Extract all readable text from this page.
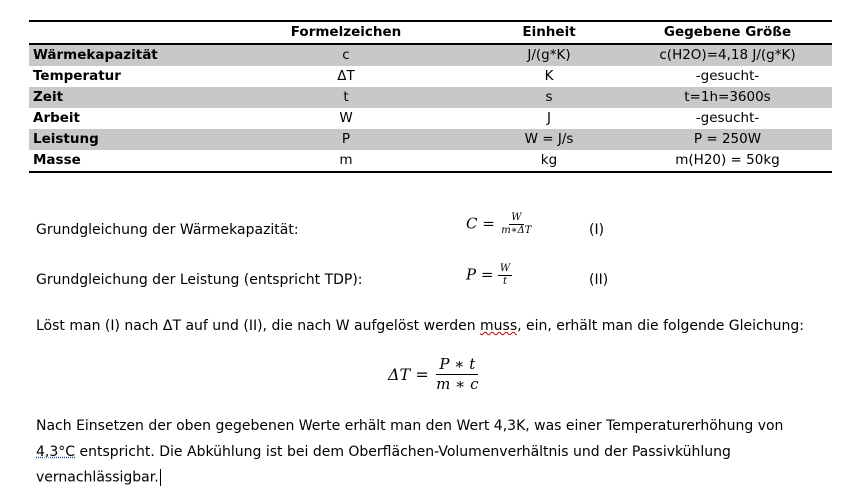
	Formelzeichen	Einheit	Gegebene Größe
Wärmekapazität	c	J/(g*K)	c(H2O)=4,18 J/(g*K)
Temperatur	ΔT	K	-gesucht-
Zeit	t	s	t=1h=3600s
Arbeit	W	J	-gesucht-
Leistung	P	W = J/s	P = 250W
Masse	m	kg	m(H20) = 50kg
Grundgleichung der Wärmekapazität:	$C = \frac{W}{m∗\Delta T}$	(I)
Grundgleichung der Leistung (entspricht TDP):	$P = \frac{W}{t}$	(II)
Löst man (I) nach ΔT auf und (II), die nach W aufgelöst werden muss, ein, erhält man die folgende Gleichung:
$\Delta T = \frac{P ∗ t}{m ∗ c}$
Nach Einsetzen der oben gegebenen Werte erhält man den Wert 4,3K, was einer Temperaturerhöhung von
4,3°C entspricht. Die Abkühlung ist bei dem Oberflächen-Volumenverhältnis und der Passivkühlung
vernachlässigbar.
